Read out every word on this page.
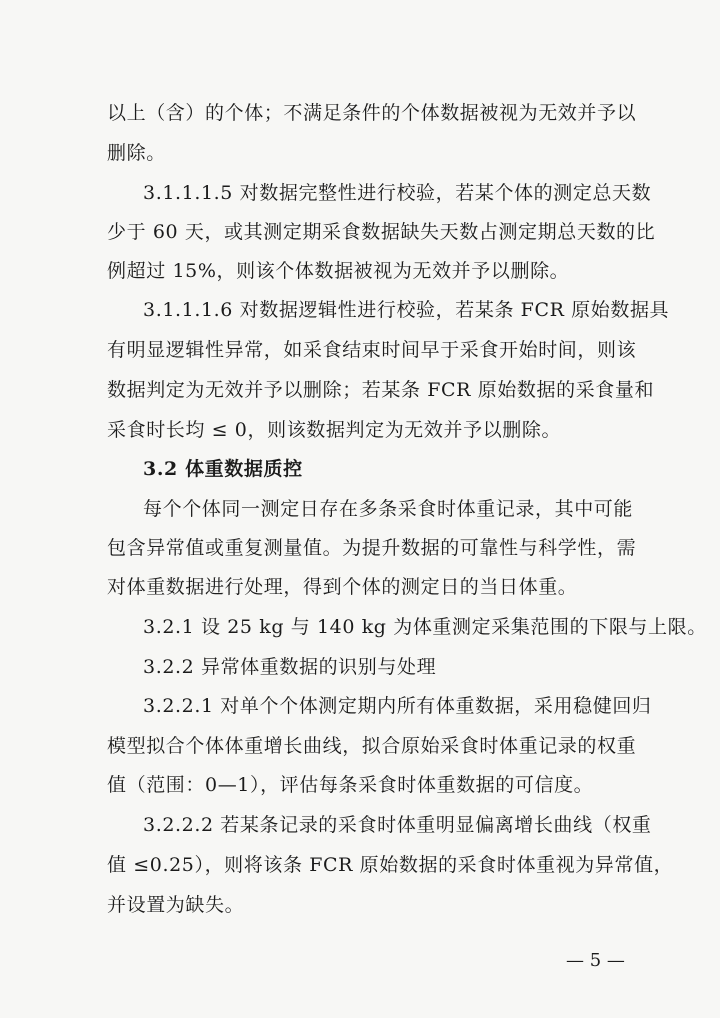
以上（含）的个体；不满足条件的个体数据被视为无效并予以
删除。
3.1.1.1.5 对数据完整性进行校验，若某个体的测定总天数
少于 60 天，或其测定期采食数据缺失天数占测定期总天数的比
例超过 15%，则该个体数据被视为无效并予以删除。
3.1.1.1.6 对数据逻辑性进行校验，若某条 FCR 原始数据具
有明显逻辑性异常，如采食结束时间早于采食开始时间，则该
数据判定为无效并予以删除；若某条 FCR 原始数据的采食量和
采食时长均 ≤ 0，则该数据判定为无效并予以删除。
3.2 体重数据质控
每个个体同一测定日存在多条采食时体重记录，其中可能
包含异常值或重复测量值。为提升数据的可靠性与科学性，需
对体重数据进行处理，得到个体的测定日的当日体重。
3.2.1 设 25 kg 与 140 kg 为体重测定采集范围的下限与上限。
3.2.2 异常体重数据的识别与处理
3.2.2.1 对单个个体测定期内所有体重数据，采用稳健回归
模型拟合个体体重增长曲线，拟合原始采食时体重记录的权重
值（范围：0—1），评估每条采食时体重数据的可信度。
3.2.2.2 若某条记录的采食时体重明显偏离增长曲线（权重
值 ≤0.25），则将该条 FCR 原始数据的采食时体重视为异常值，
并设置为缺失。
— 5 —
